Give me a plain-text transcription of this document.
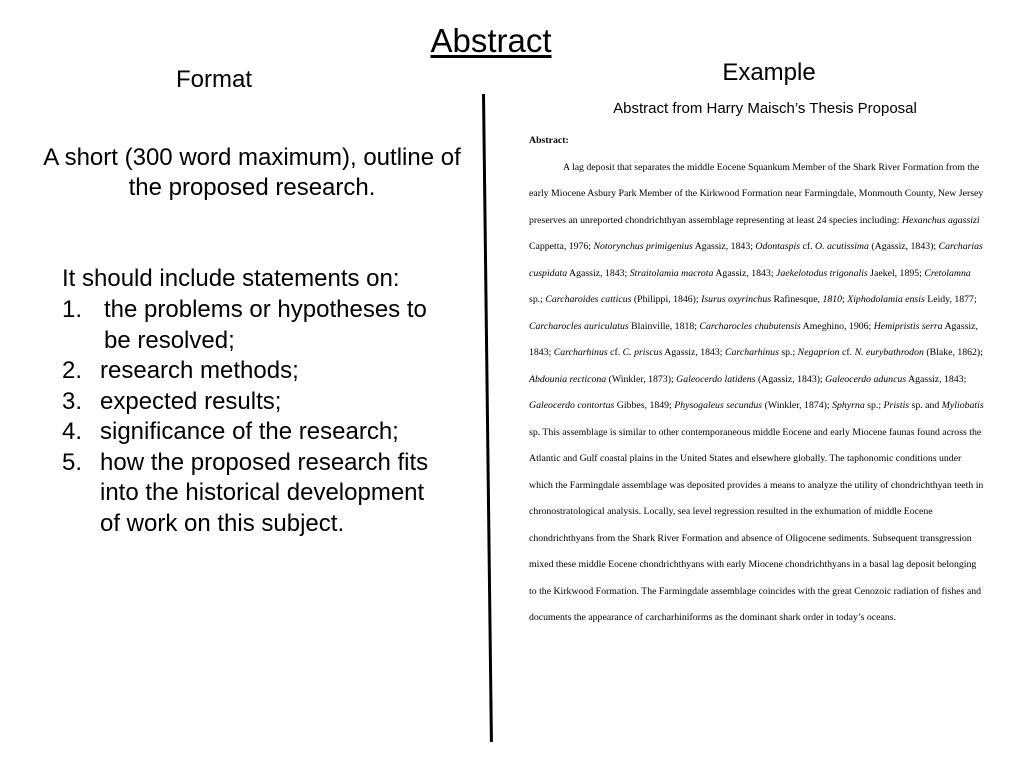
Abstract
Format
A short (300 word maximum), outline of the proposed research.
It should include statements on:
1. the problems or hypotheses to be resolved;
2. research methods;
3. expected results;
4. significance of the research;
5. how the proposed research fits into the historical development of work on this subject.
Example
Abstract from Harry Maisch’s Thesis Proposal
Abstract:
A lag deposit that separates the middle Eocene Squankum Member of the Shark River Formation from the early Miocene Asbury Park Member of the Kirkwood Formation near Farmingdale, Monmouth County, New Jersey preserves an unreported chondrichthyan assemblage representing at least 24 species including: Hexanchus agassizi Cappetta, 1976; Notorynchus primigenius Agassiz, 1843; Odontaspis cf. O. acutissima (Agassiz, 1843); Carcharias cuspidata Agassiz, 1843; Straitolamia macrota Agassiz, 1843; Jaekelotodus trigonalis Jaekel, 1895; Cretolamna sp.; Carcharoides catticus (Philippi, 1846); Isurus oxyrinchus Rafinesque, 1810; Xiphodolamia ensis Leidy, 1877; Carcharocles auriculatus Blainville, 1818; Carcharocles chubutensis Ameghino, 1906; Hemipristis serra Agassiz, 1843; Carcharhinus cf. C. priscus Agassiz, 1843; Carcharhinus sp.; Negaprion cf. N. eurybathrodon (Blake, 1862); Abdounia recticona (Winkler, 1873); Galeocerdo latidens (Agassiz, 1843); Galeocerdo aduncus Agassiz, 1843; Galeocerdo contortus Gibbes, 1849; Physogaleus secundus (Winkler, 1874); Sphyrna sp.; Pristis sp. and Myliobatis sp. This assemblage is similar to other contemporaneous middle Eocene and early Miocene faunas found across the Atlantic and Gulf coastal plains in the United States and elsewhere globally. The taphonomic conditions under which the Farmingdale assemblage was deposited provides a means to analyze the utility of chondrichthyan teeth in chronostratological analysis. Locally, sea level regression resulted in the exhumation of middle Eocene chondrichthyans from the Shark River Formation and absence of Oligocene sediments. Subsequent transgression mixed these middle Eocene chondrichthyans with early Miocene chondrichthyans in a basal lag deposit belonging to the Kirkwood Formation. The Farmingdale assemblage coincides with the great Cenozoic radiation of fishes and documents the appearance of carcharhiniforms as the dominant shark order in today’s oceans.
